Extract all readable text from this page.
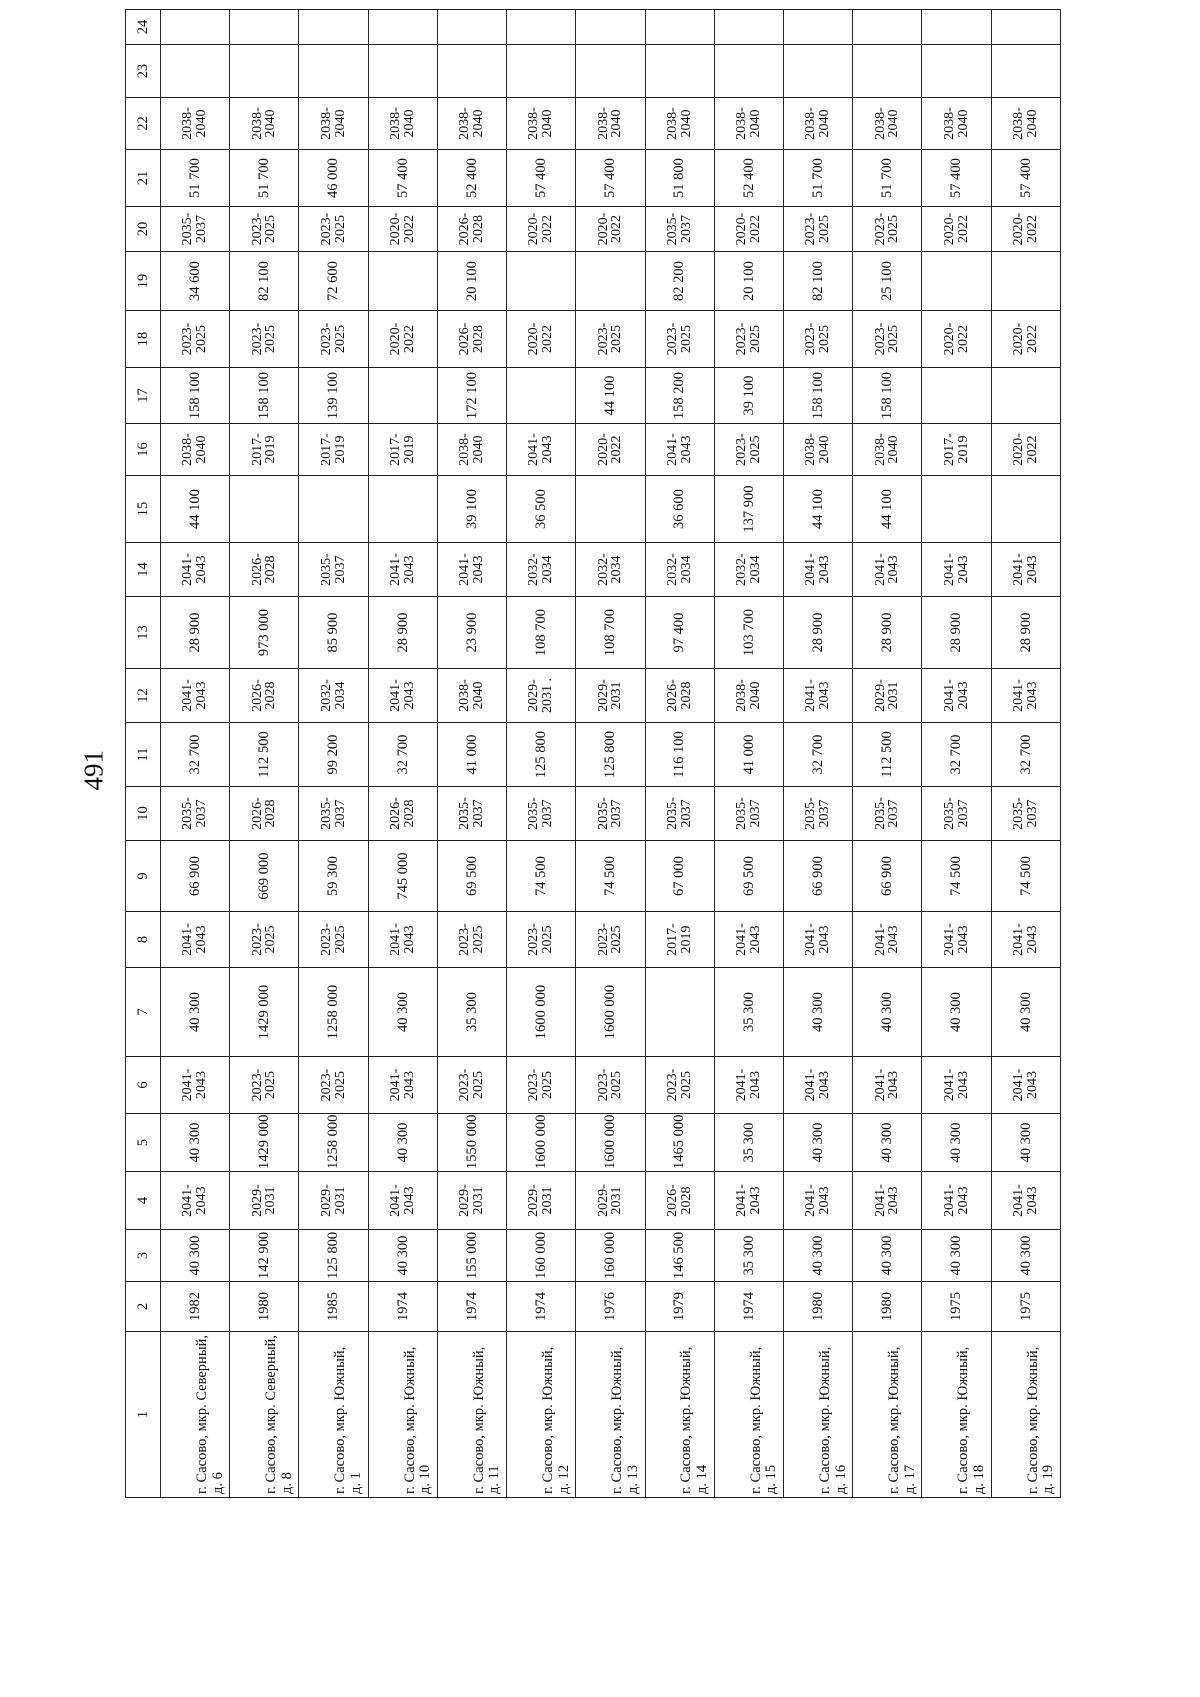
491
1	2	3	4	5	6	7	8	9	10	11	12	13	14	15	16	17	18	19	20	21	22	23	24
г. Сасово, мкр. Северный, д. 6	1982	40 300	2041-2043	40 300	2041-2043	40 300	2041-2043	66 900	2035-2037	32 700	2041-2043	28 900	2041-2043	44 100	2038-2040	158 100	2023-2025	34 600	2035-2037	51 700	2038-2040		
г. Сасово, мкр. Северный, д. 8	1980	142 900	2029-2031	1429 000	2023-2025	1429 000	2023-2025	669 000	2026-2028	112 500	2026-2028	973 000	2026-2028		2017-2019	158 100	2023-2025	82 100	2023-2025	51 700	2038-2040		
г. Сасово, мкр. Южный, д. 1	1985	125 800	2029-2031	1258 000	2023-2025	1258 000	2023-2025	59 300	2035-2037	99 200	2032-2034	85 900	2035-2037		2017-2019	139 100	2023-2025	72 600	2023-2025	46 000	2038-2040		
г. Сасово, мкр. Южный, д. 10	1974	40 300	2041-2043	40 300	2041-2043	40 300	2041-2043	745 000	2026-2028	32 700	2041-2043	28 900	2041-2043		2017-2019		2020-2022		2020-2022	57 400	2038-2040		
г. Сасово, мкр. Южный, д. 11	1974	155 000	2029-2031	1550 000	2023-2025	35 300	2023-2025	69 500	2035-2037	41 000	2038-2040	23 900	2041-2043	39 100	2038-2040	172 100	2026-2028	20 100	2026-2028	52 400	2038-2040		
г. Сасово, мкр. Южный, д. 12	1974	160 000	2029-2031	1600 000	2023-2025	1600 000	2023-2025	74 500	2035-2037	125 800	2029-2031 .	108 700	2032-2034	36 500	2041-2043		2020-2022		2020-2022	57 400	2038-2040		
г. Сасово, мкр. Южный, д. 13	1976	160 000	2029-2031	1600 000	2023-2025	1600 000	2023-2025	74 500	2035-2037	125 800	2029-2031	108 700	2032-2034		2020-2022	44 100	2023-2025		2020-2022	57 400	2038-2040		
г. Сасово, мкр. Южный, д. 14	1979	146 500	2026-2028	1465 000	2023-2025		2017-2019	67 000	2035-2037	116 100	2026-2028	97 400	2032-2034	36 600	2041-2043	158 200	2023-2025	82 200	2035-2037	51 800	2038-2040		
г. Сасово, мкр. Южный, д. 15	1974	35 300	2041-2043	35 300	2041-2043	35 300	2041-2043	69 500	2035-2037	41 000	2038-2040	103 700	2032-2034	137 900	2023-2025	39 100	2023-2025	20 100	2020-2022	52 400	2038-2040		
г. Сасово, мкр. Южный, д. 16	1980	40 300	2041-2043	40 300	2041-2043	40 300	2041-2043	66 900	2035-2037	32 700	2041-2043	28 900	2041-2043	44 100	2038-2040	158 100	2023-2025	82 100	2023-2025	51 700	2038-2040		
г. Сасово, мкр. Южный, д. 17	1980	40 300	2041-2043	40 300	2041-2043	40 300	2041-2043	66 900	2035-2037	112 500	2029-2031	28 900	2041-2043	44 100	2038-2040	158 100	2023-2025	25 100	2023-2025	51 700	2038-2040		
г. Сасово, мкр. Южный, д. 18	1975	40 300	2041-2043	40 300	2041-2043	40 300	2041-2043	74 500	2035-2037	32 700	2041-2043	28 900	2041-2043		2017-2019		2020-2022		2020-2022	57 400	2038-2040		
г. Сасово, мкр. Южный, д. 19	1975	40 300	2041-2043	40 300	2041-2043	40 300	2041-2043	74 500	2035-2037	32 700	2041-2043	28 900	2041-2043		2020-2022		2020-2022		2020-2022	57 400	2038-2040		
